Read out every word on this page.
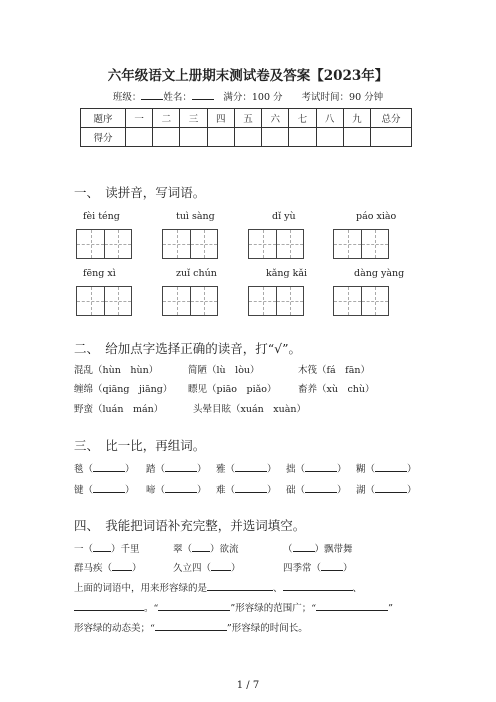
六年级语文上册期末测试卷及答案【2023年】
班级： 姓名：　	满分：100 分　　 考试时间：90 分钟
题序	一	二	三	四	五	六	七	八	九	总分
得分										
一、　读拼音，写词语。
fèi téng	tuì sàng	dǐ yù	páo xiào
fēng xì	zuǐ chún	kǎng kǎi	dàng yàng
二、　给加点字选择正确的读音，打“√”。
混乱（hùn　hùn）	简陋（lù　lòu）	木筏（fá　fān）
缠绵（qiāng　jiāng） 瞟见（piāo　piǎo） 畜养（xù　chù）
野蛮（luán　mán）	头晕目眩（xuán　xuàn）
三、　比一比，再组词。
毯（	） 踏（	） 雅（	） 拙（	） 糊（	）
键（	） 啼（	） 难（	） 础（	） 湖（	）
四、　我能把词语补充完整，并选词填空。
一（ ）千里	翠（ ）欲流	（ ）飘带舞
群马疾（ ）	久立四（ ）	四季常（ ）
上面的词语中，用来形容绿的是	、	、
。“	”形容绿的范围广；“	”
形容绿的动态美；“	”形容绿的时间长。
1 / 7
